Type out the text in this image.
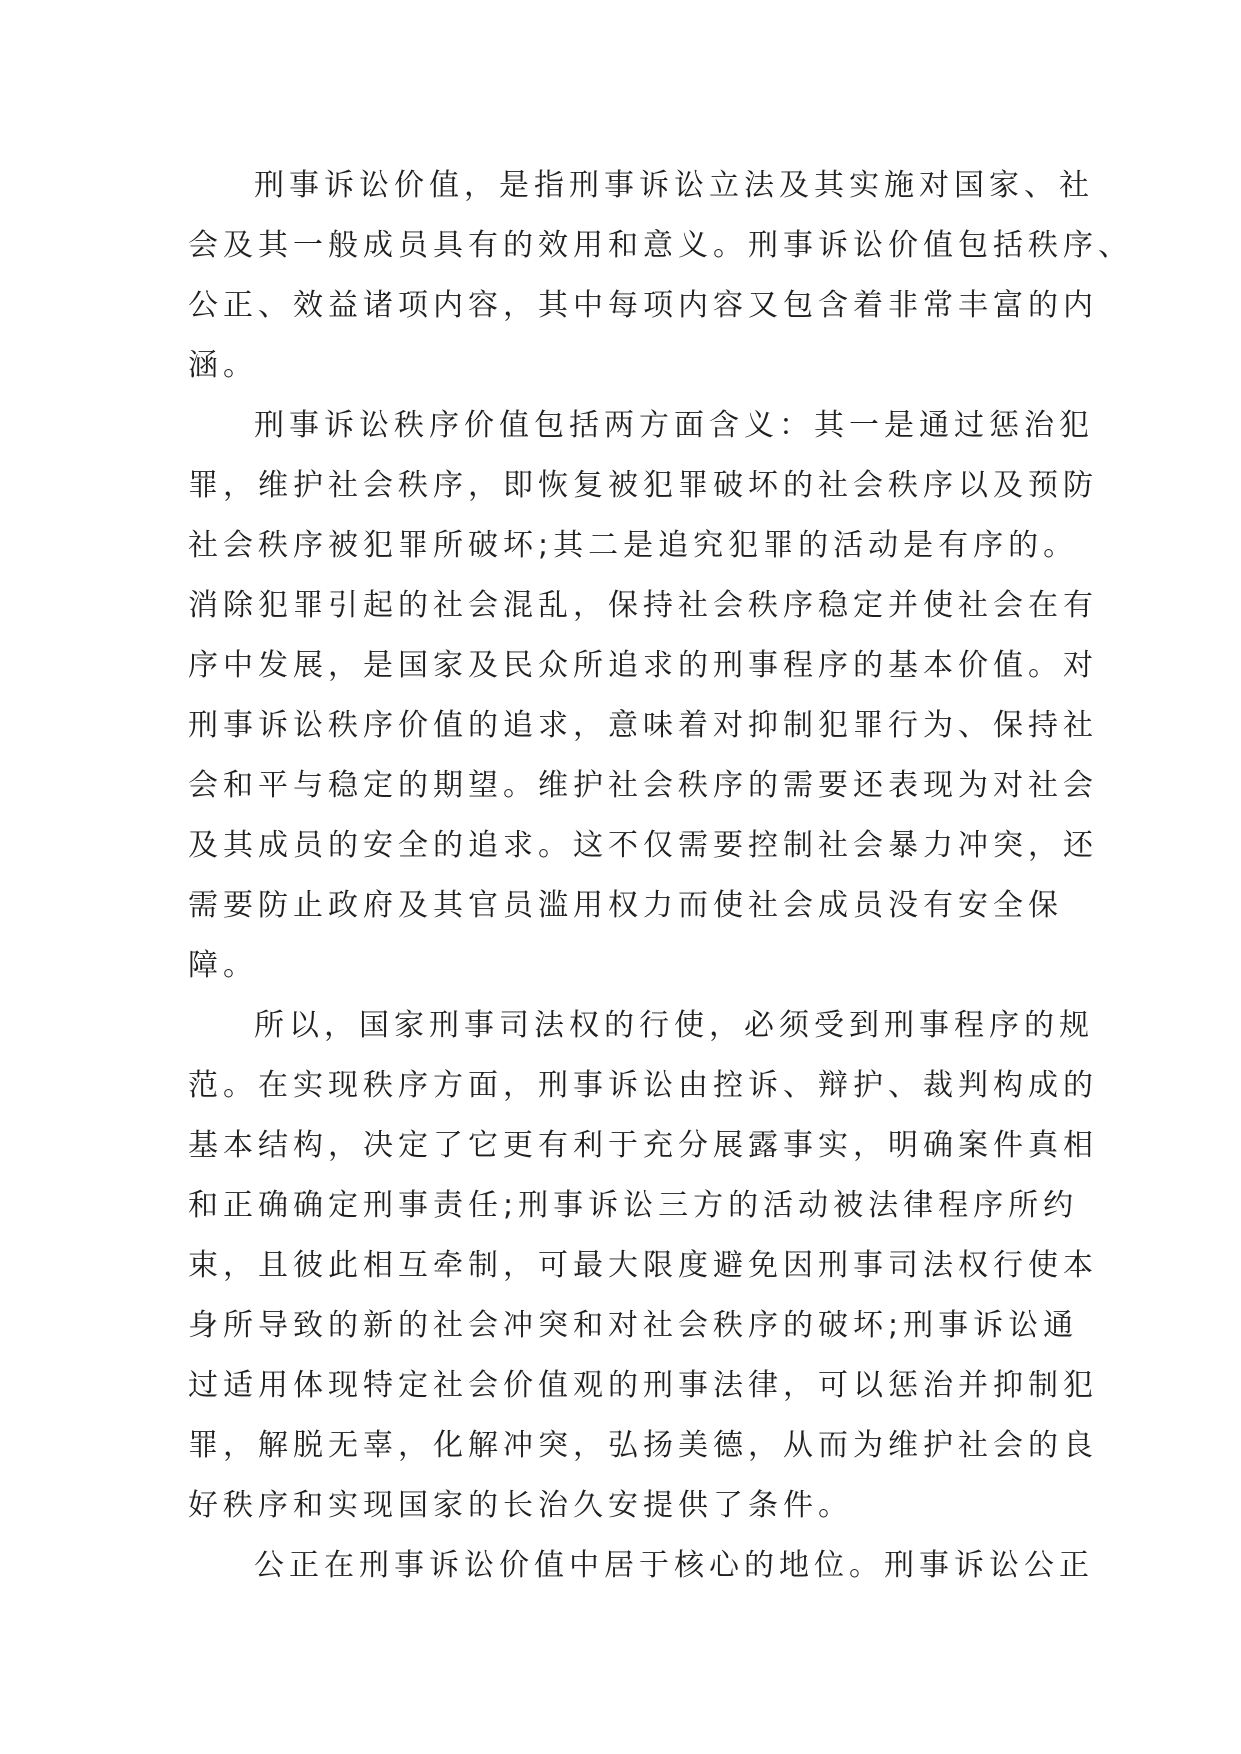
刑事诉讼价值，是指刑事诉讼立法及其实施对国家、社
会及其一般成员具有的效用和意义。刑事诉讼价值包括秩序、
公正、效益诸项内容，其中每项内容又包含着非常丰富的内
涵。
刑事诉讼秩序价值包括两方面含义：其一是通过惩治犯
罪，维护社会秩序，即恢复被犯罪破坏的社会秩序以及预防
社会秩序被犯罪所破坏;其二是追究犯罪的活动是有序的。
消除犯罪引起的社会混乱，保持社会秩序稳定并使社会在有
序中发展，是国家及民众所追求的刑事程序的基本价值。对
刑事诉讼秩序价值的追求，意味着对抑制犯罪行为、保持社
会和平与稳定的期望。维护社会秩序的需要还表现为对社会
及其成员的安全的追求。这不仅需要控制社会暴力冲突，还
需要防止政府及其官员滥用权力而使社会成员没有安全保
障。
所以，国家刑事司法权的行使，必须受到刑事程序的规
范。在实现秩序方面，刑事诉讼由控诉、辩护、裁判构成的
基本结构，决定了它更有利于充分展露事实，明确案件真相
和正确确定刑事责任;刑事诉讼三方的活动被法律程序所约
束，且彼此相互牵制，可最大限度避免因刑事司法权行使本
身所导致的新的社会冲突和对社会秩序的破坏;刑事诉讼通
过适用体现特定社会价值观的刑事法律，可以惩治并抑制犯
罪，解脱无辜，化解冲突，弘扬美德，从而为维护社会的良
好秩序和实现国家的长治久安提供了条件。
公正在刑事诉讼价值中居于核心的地位。刑事诉讼公正
